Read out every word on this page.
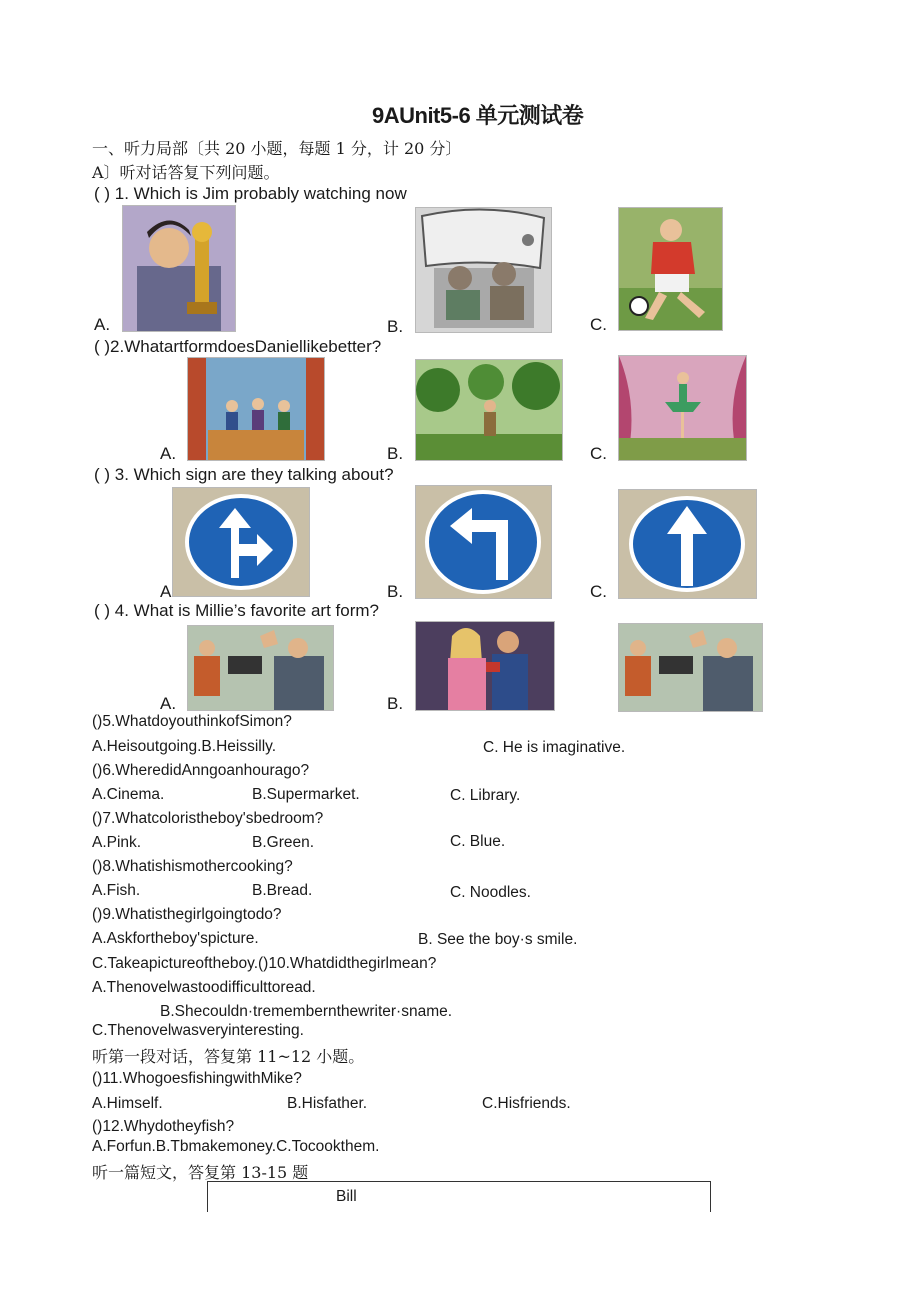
9AUnit5-6 单元测试卷
一、听力局部〔共 20 小题，每题 1 分，计 20 分〕
A〕听对话答复下列问题。
( ) 1. Which is Jim probably watching now
A.	B.	C.
( )2.WhatartformdoesDaniellikebetter?
A.	B.	C.
( ) 3. Which sign are they talking about?
A	B.	C.
( ) 4. What is Millie’s favorite art form?
A.	B.
()5.WhatdoyouthinkofSimon?
A.Heisoutgoing.B.Heissilly.	C. He is imaginative.
()6.WheredidAnngoanhourago?
A.Cinema.	B.Supermarket.	C. Library.
()7.Whatcoloristheboy'sbedroom?
A.Pink.	B.Green.	C. Blue.
()8.Whatishismothercooking?
A.Fish.	B.Bread.	C. Noodles.
()9.Whatisthegirlgoingtodo?
A.Askfortheboy'spicture.	B. See the boy·s smile.
C.Takeapictureoftheboy.()10.Whatdidthegirlmean?
A.Thenovelwastoodifficulttoread.
B.Shecouldn·tremembernthewriter·sname.
C.Thenovelwasveryinteresting.
听第一段对话，答复第 11~12 小题。
()11.WhogoesfishingwithMike?
A.Himself.	B.Hisfather.	C.Hisfriends.
()12.Whydotheyfish?
A.Forfun.B.Tbmakemoney.C.Tocookthem.
听一篇短文，答复第 13-15 题
Bill
